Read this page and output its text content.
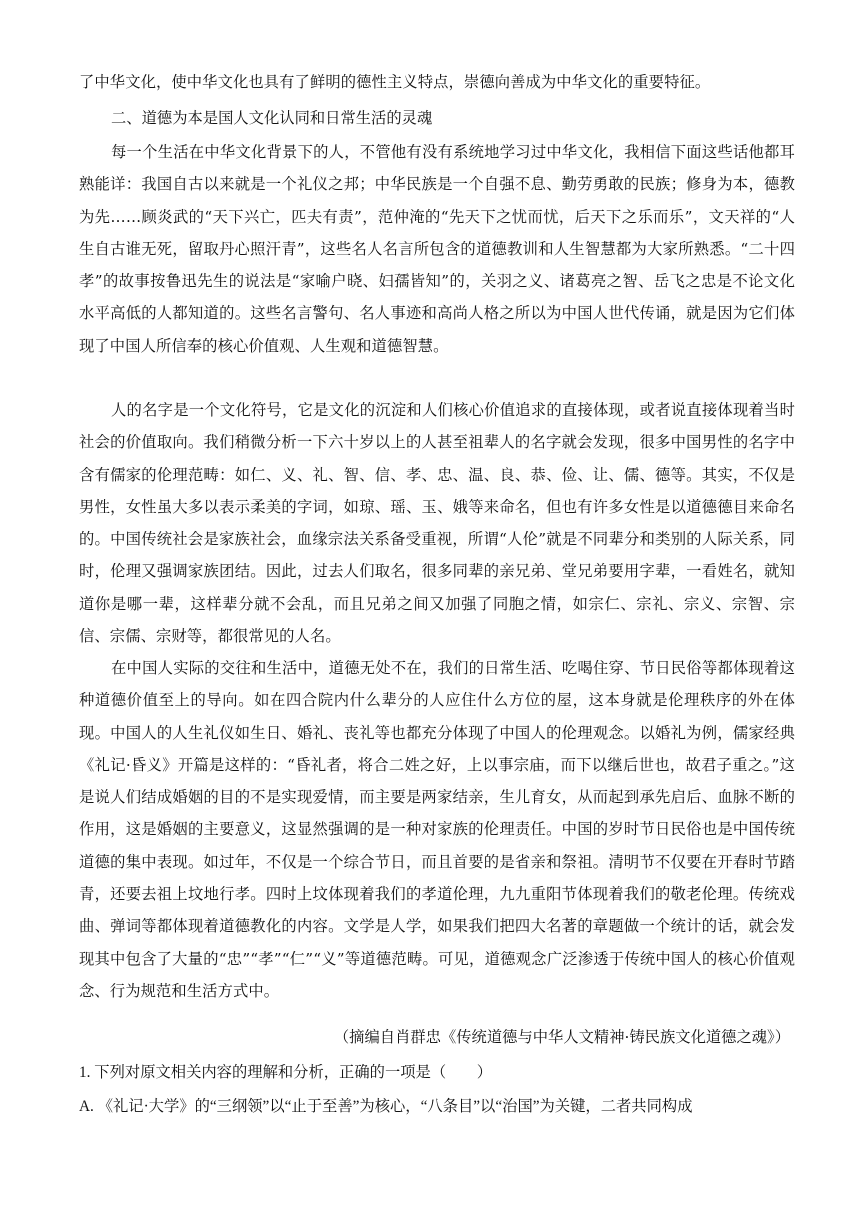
了中华文化，使中华文化也具有了鲜明的德性主义特点，崇德向善成为中华文化的重要特征。

二、道德为本是国人文化认同和日常生活的灵魂

每一个生活在中华文化背景下的人，不管他有没有系统地学习过中华文化，我相信下面这些话他都耳熟能详：我国自古以来就是一个礼仪之邦；中华民族是一个自强不息、勤劳勇敢的民族；修身为本，德教为先……顾炎武的“天下兴亡，匹夫有责”，范仲淹的“先天下之忧而忧，后天下之乐而乐”，文天祥的“人生自古谁无死，留取丹心照汗青”，这些名人名言所包含的道德教训和人生智慧都为大家所熟悉。“二十四孝”的故事按鲁迅先生的说法是“家喻户晓、妇孺皆知”的，关羽之义、诸葛亮之智、岳飞之忠是不论文化水平高低的人都知道的。这些名言警句、名人事迹和高尚人格之所以为中国人世代传诵，就是因为它们体现了中国人所信奉的核心价值观、人生观和道德智慧。

人的名字是一个文化符号，它是文化的沉淀和人们核心价值追求的直接体现，或者说直接体现着当时社会的价值取向。我们稍微分析一下六十岁以上的人甚至祖辈人的名字就会发现，很多中国男性的名字中含有儒家的伦理范畴：如仁、义、礼、智、信、孝、忠、温、良、恭、俭、让、儒、德等。其实，不仅是男性，女性虽大多以表示柔美的字词，如琼、瑶、玉、娥等来命名，但也有许多女性是以道德德目来命名的。中国传统社会是家族社会，血缘宗法关系备受重视，所谓“人伦”就是不同辈分和类别的人际关系，同时，伦理又强调家族团结。因此，过去人们取名，很多同辈的亲兄弟、堂兄弟要用字辈，一看姓名，就知道你是哪一辈，这样辈分就不会乱，而且兄弟之间又加强了同胞之情，如宗仁、宗礼、宗义、宗智、宗信、宗儒、宗财等，都很常见的人名。

在中国人实际的交往和生活中，道德无处不在，我们的日常生活、吃喝住穿、节日民俗等都体现着这种道德价值至上的导向。如在四合院内什么辈分的人应住什么方位的屋，这本身就是伦理秩序的外在体现。中国人的人生礼仪如生日、婚礼、丧礼等也都充分体现了中国人的伦理观念。以婚礼为例，儒家经典《礼记·昏义》开篇是这样的：“昏礼者，将合二姓之好，上以事宗庙，而下以继后世也，故君子重之。”这是说人们结成婚姻的目的不是实现爱情，而主要是两家结亲，生儿育女，从而起到承先启后、血脉不断的作用，这是婚姻的主要意义，这显然强调的是一种对家族的伦理责任。中国的岁时节日民俗也是中国传统道德的集中表现。如过年，不仅是一个综合节日，而且首要的是省亲和祭祖。清明节不仅要在开春时节踏青，还要去祖上坟地行孝。四时上坟体现着我们的孝道伦理，九九重阳节体现着我们的敬老伦理。传统戏曲、弹词等都体现着道德教化的内容。文学是人学，如果我们把四大名著的章题做一个统计的话，就会发现其中包含了大量的“忠”“孝”“仁”“义”等道德范畴。可见，道德观念广泛渗透于传统中国人的核心价值观念、行为规范和生活方式中。

（摘编自肖群忠《传统道德与中华人文精神·铸民族文化道德之魂》）

1. 下列对原文相关内容的理解和分析，正确的一项是（　　）

A. 《礼记·大学》的“三纲领”以“止于至善”为核心，“八条目”以“治国”为关键，二者共同构成
